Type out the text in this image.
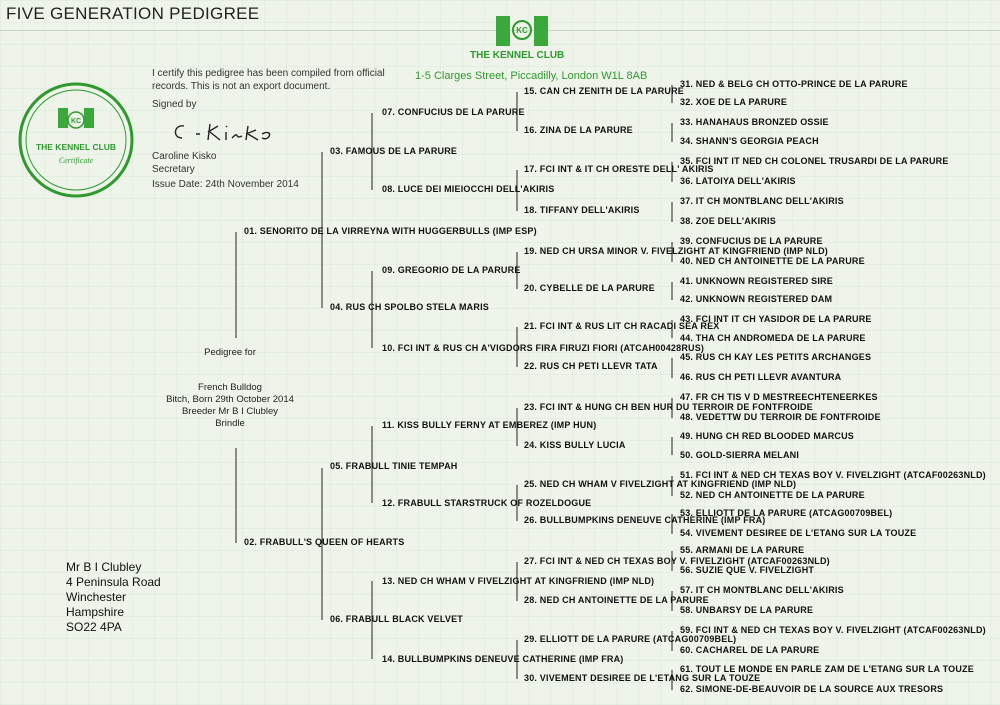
FIVE GENERATION PEDIGREE
KC
THE KENNEL CLUB
Certificate
KC
THE KENNEL CLUB
1-5 Clarges Street, Piccadilly, London W1L 8AB
I certify this pedigree has been compiled from official records. This is not an export document.
Signed by
Caroline Kisko
Secretary
Issue Date: 24th November 2014
Pedigree for
French Bulldog
Bitch, Born 29th October 2014
Breeder Mr B I Clubley
Brindle
Mr B I Clubley
4 Peninsula Road
Winchester
Hampshire
SO22 4PA
01. SENORITO DE LA VIRREYNA WITH HUGGERBULLS (IMP ESP)
02. FRABULL'S QUEEN OF HEARTS
03. FAMOUS DE LA PARURE
04. RUS CH SPOLBO STELA MARIS
05. FRABULL TINIE TEMPAH
06. FRABULL BLACK VELVET
07. CONFUCIUS DE LA PARURE
08. LUCE DEI MIEIOCCHI DELL'AKIRIS
09. GREGORIO DE LA PARURE
10. FCI INT & RUS CH A'VIGDORS FIRA FIRUZI FIORI (ATCAH00428RUS)
11. KISS BULLY FERNY AT EMBEREZ (IMP HUN)
12. FRABULL STARSTRUCK OF ROZELDOGUE
13. NED CH WHAM V FIVELZIGHT AT KINGFRIEND (IMP NLD)
14. BULLBUMPKINS DENEUVE CATHERINE (IMP FRA)
15. CAN CH ZENITH DE LA PARURE
16. ZINA DE LA PARURE
17. FCI INT & IT CH ORESTE DELL' AKIRIS
18. TIFFANY DELL'AKIRIS
19. NED CH URSA MINOR V. FIVELZIGHT AT KINGFRIEND (IMP NLD)
20. CYBELLE DE LA PARURE
21. FCI INT & RUS LIT CH RACADI SEA REX
22. RUS CH PETI LLEVR TATA
23. FCI INT & HUNG CH BEN HUR DU TERROIR DE FONTFROIDE
24. KISS BULLY LUCIA
25. NED CH WHAM V FIVELZIGHT AT KINGFRIEND (IMP NLD)
26. BULLBUMPKINS DENEUVE CATHERINE (IMP FRA)
27. FCI INT & NED CH TEXAS BOY V. FIVELZIGHT (ATCAF00263NLD)
28. NED CH ANTOINETTE DE LA PARURE
29. ELLIOTT DE LA PARURE (ATCAG00709BEL)
30. VIVEMENT DESIREE DE L'ETANG SUR LA TOUZE
31. NED & BELG CH OTTO-PRINCE DE LA PARURE
32. XOE DE LA PARURE
33. HANAHAUS BRONZED OSSIE
34. SHANN'S GEORGIA PEACH
35. FCI INT IT NED CH COLONEL TRUSARDI DE LA PARURE
36. LATOIYA DELL'AKIRIS
37. IT CH MONTBLANC DELL'AKIRIS
38. ZOE DELL'AKIRIS
39. CONFUCIUS DE LA PARURE
40. NED CH ANTOINETTE DE LA PARURE
41. UNKNOWN REGISTERED SIRE
42. UNKNOWN REGISTERED DAM
43. FCI INT IT CH YASIDOR DE LA PARURE
44. THA CH ANDROMEDA DE LA PARURE
45. RUS CH KAY LES PETITS ARCHANGES
46. RUS CH PETI LLEVR AVANTURA
47. FR CH TIS V D MESTREECHTENEERKES
48. VEDETTW DU TERROIR DE FONTFROIDE
49. HUNG CH RED BLOODED MARCUS
50. GOLD-SIERRA MELANI
51. FCI INT & NED CH TEXAS BOY V. FIVELZIGHT (ATCAF00263NLD)
52. NED CH ANTOINETTE DE LA PARURE
53. ELLIOTT DE LA PARURE (ATCAG00709BEL)
54. VIVEMENT DESIREE DE L'ETANG SUR LA TOUZE
55. ARMANI DE LA PARURE
56. SUZIE QUE V. FIVELZIGHT
57. IT CH MONTBLANC DELL'AKIRIS
58. UNBARSY DE LA PARURE
59. FCI INT & NED CH TEXAS BOY V. FIVELZIGHT (ATCAF00263NLD)
60. CACHAREL DE LA PARURE
61. TOUT LE MONDE EN PARLE ZAM DE L'ETANG SUR LA TOUZE
62. SIMONE-DE-BEAUVOIR DE LA SOURCE AUX TRESORS
